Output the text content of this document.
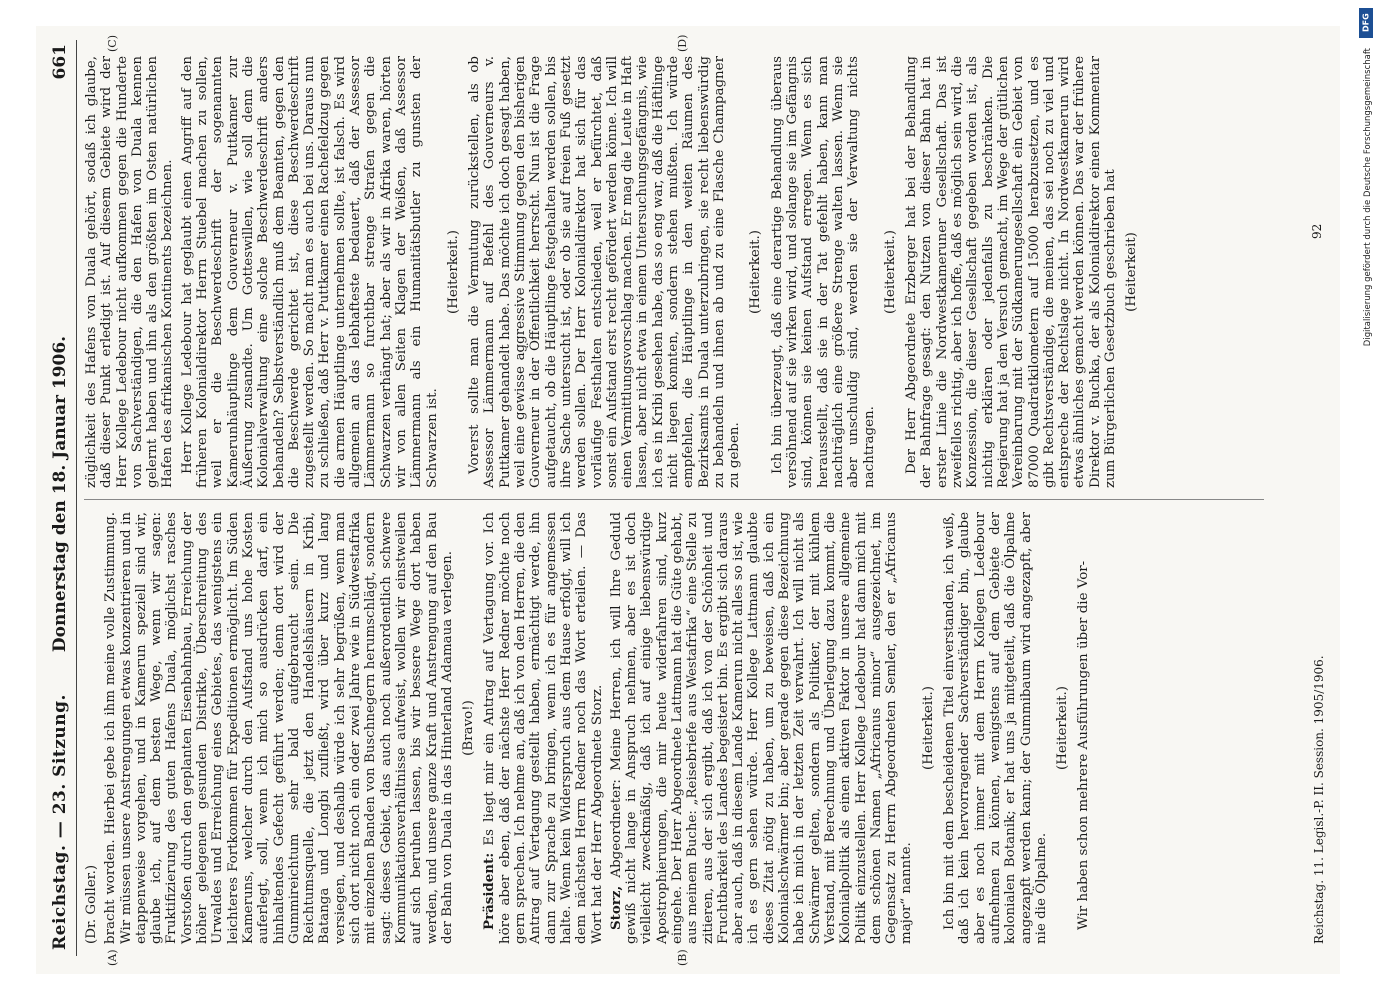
Reichstag. — 23. Sitzung.
Donnerstag den 18. Januar 1906.
661
(A)	(B)
(C)	(D)

(Dr. Goller.) bracht worden. Hierbei gebe ich ihm meine volle Zustimmung. Wir müssen unsere Anstrengungen etwas konzentrieren und in etappenweise vorgehen, und in Kamerun speziell sind wir, glaube ich, auf dem besten Wege, wenn wir sagen: Fruktifizierung des guten Hafens Duala, möglichst rasches Vorstoßen durch den geplanten Eisenbahnbau, Erreichung der höher gelegenen gesunden Distrikte, Überschreitung des Urwaldes und Erreichung eines Gebietes, das wenigstens ein leichteres Fortkommen für Expeditionen ermöglicht. Im Süden Kameruns, welcher durch den Aufstand uns hohe Kosten auferlegt, soll, wenn ich mich so ausdrücken darf, ein hinhaltendes Gefecht geführt werden; denn dort wird der Gummireichtum sehr bald aufgebraucht sein. Die Reichtumsquelle, die jetzt den Handelshäusern in Kribi, Batanga und Longbi zufließt, wird über kurz und lang versiegen, und deshalb würde ich sehr begrüßen, wenn man sich dort nicht noch ein oder zwei Jahre wie in Südwestafrika mit einzelnen Banden von Buschnegern herumschlägt, sondern sagt: dieses Gebiet, das auch noch außerordentlich schwere Kommunikationsverhältnisse aufweist, wollen wir einstweilen auf sich beruhen lassen, bis wir bessere Wege dort haben werden, und unsere ganze Kraft und Anstrengung auf den Bau der Bahn von Duala in das Hinterland Adamaua verlegen. (Bravo!)

Präsident: Es liegt mir ein Antrag auf Vertagung vor. Ich höre aber eben, daß der nächste Herr Redner möchte noch gern sprechen. Ich nehme an, daß ich von den Herren, die den Antrag auf Vertagung gestellt haben, ermächtigt werde, ihn dann zur Sprache zu bringen, wenn ich es für angemessen halte. Wenn kein Widerspruch aus dem Hause erfolgt, will ich dem nächsten Herrn Redner noch das Wort erteilen. — Das Wort hat der Herr Abgeordnete Storz. Storz, Abgeordneter: Meine Herren, ich will Ihre Geduld gewiß nicht lange in Anspruch nehmen, aber es ist doch vielleicht zweckmäßig, daß ich auf einige liebenswürdige Apostrophierungen, die mir heute widerfahren sind, kurz eingehe. Der Herr Abgeordnete Lattmann hat die Güte gehabt, aus meinem Buche: „Reisebriefe aus Westafrika“ eine Stelle zu zitieren, aus der sich ergibt, daß ich von der Schönheit und Fruchtbarkeit des Landes begeistert bin. Es ergibt sich daraus aber auch, daß in diesem Lande Kamerun nicht alles so ist, wie ich es gern sehen würde. Herr Kollege Lattmann glaubte dieses Zitat nötig zu haben, um zu beweisen, daß ich ein Kolonialschwärmer bin; aber gerade gegen diese Bezeichnung habe ich mich in der letzten Zeit verwahrt. Ich will nicht als Schwärmer gelten, sondern als Politiker, der mit kühlem Verstand, mit Berechnung und Überlegung dazu kommt, die Kolonialpolitik als einen aktiven Faktor in unsere allgemeine Politik einzustellen. Herr Kollege Ledebour hat dann mich mit dem schönen Namen „Africanus minor“ ausgezeichnet, im Gegensatz zu Herrn Abgeordneten Semler, den er „Africanus major“ nannte.

(Heiterkeit.) Ich bin mit dem bescheidenen Titel einverstanden, ich weiß, daß ich kein hervorragender Sachverständiger bin, glaube aber es noch immer mit dem Herrn Kollegen Ledebour aufnehmen zu können, wenigstens auf dem Gebiete der kolonialen Botanik; er hat uns ja mitgeteilt, daß die Ölpalme angezapft werden kann; der Gummibaum wird angezapft, aber nie die Ölpalme.

(Heiterkeit.) Wir haben schon mehrere Ausführungen über die Vor-

züglichkeit des Hafens von Duala gehört, sodaß ich glaube, daß dieser Punkt erledigt ist. Auf diesem Gebiete wird der Herr Kollege Ledebour nicht aufkommen gegen die Hunderte von Sachverständigen, die den Hafen von Duala kennen gelernt haben und ihn als den größten im Osten natürlichen Hafen des afrikanischen Kontinents bezeichnen. Herr Kollege Ledebour hat geglaubt einen Angriff auf den früheren Kolonialdirektor Herrn Stuebel machen zu sollen, weil er die Beschwerdeschrift der sogenannten Kamerunhäuptlinge dem Gouverneur v. Puttkamer zur Äußerung zusandte. Um Gotteswillen, wie soll denn die Kolonialverwaltung eine solche Beschwerdeschrift anders behandeln? Selbstverständlich muß dem Beamten, gegen den die Beschwerde gerichtet ist, diese Beschwerdeschrift zugestellt werden. So macht man es auch bei uns. Daraus nun zu schließen, daß Herr v. Puttkamer einen Rachefeldzug gegen die armen Häuptlinge unternehmen sollte, ist falsch. Es wird allgemein an das lebhafteste bedauert, daß der Assessor Lämmermann so furchtbar strenge Strafen gegen die Schwarzen verhängt hat; aber als wir in Afrika waren, hörten wir von allen Seiten Klagen der Weißen, daß Assessor Lämmermann als ein Humanitätsbutler zu gunsten der Schwarzen ist.

(Heiterkeit.) Vorerst sollte man die Vermutung zurückstellen, als ob Assessor Lämmermann auf Befehl des Gouverneurs v. Puttkamer gehandelt habe. Das möchte ich doch gesagt haben, weil eine gewisse aggressive Stimmung gegen den bisherigen Gouverneur in der Öffentlichkeit herrscht. Nun ist die Frage aufgetaucht, ob die Häuptlinge festgehalten werden sollen, bis ihre Sache untersucht ist, oder ob sie auf freien Fuß gesetzt werden sollen. Der Herr Kolonialdirektor hat sich für das vorläufige Festhalten entschieden, weil er befürchtet, daß sonst ein Aufstand erst recht gefördert werden könne. Ich will einen Vermittlungsvorschlag machen. Er mag die Leute in Haft lassen, aber nicht etwa in einem Untersuchungsgefängnis, wie ich es in Kribi gesehen habe, das so eng war, daß die Häftlinge nicht liegen konnten, sondern stehen mußten. Ich würde empfehlen, die Häuptlinge in den weiten Räumen des Bezirksamts in Duala unterzubringen, sie recht liebenswürdig zu behandeln und ihnen ab und zu eine Flasche Champagner zu geben.

(Heiterkeit.) Ich bin überzeugt, daß eine derartige Behandlung überaus versöhnend auf sie wirken wird, und solange sie im Gefängnis sind, können sie keinen Aufstand erregen. Wenn es sich herausstellt, daß sie in der Tat gefehlt haben, kann man nachträglich eine größere Strenge walten lassen. Wenn sie aber unschuldig sind, werden sie der Verwaltung nichts nachtragen.

(Heiterkeit.) Der Herr Abgeordnete Erzberger hat bei der Behandlung der Bahnfrage gesagt: den Nutzen von dieser Bahn hat in erster Linie die Nordwestkameruner Gesellschaft. Das ist zweifellos richtig, aber ich hoffe, daß es möglich sein wird, die Konzession, die dieser Gesellschaft gegeben worden ist, als nichtig erklären oder jedenfalls zu beschränken. Die Regierung hat ja den Versuch gemacht, im Wege der gütlichen Vereinbarung mit der Südkamerungesellschaft ein Gebiet von 87000 Quadratkilometern auf 15000 herabzusetzen, und es gibt Rechtsverständige, die meinen, das sei noch zu viel und entspreche der Rechtslage nicht. In Nordwestkamerun wird etwas ähnliches gemacht werden können. Das war der frühere Direktor v. Buchka, der als Kolonialdirektor einen Kommentar zum Bürgerlichen Gesetzbuch geschrieben hat (Heiterkeit)

Reichstag. 11. Legisl.-P. II. Session. 1905/1906.
92
DFG
Digitalisierung gefördert durch die Deutsche Forschungsgemeinschaft
